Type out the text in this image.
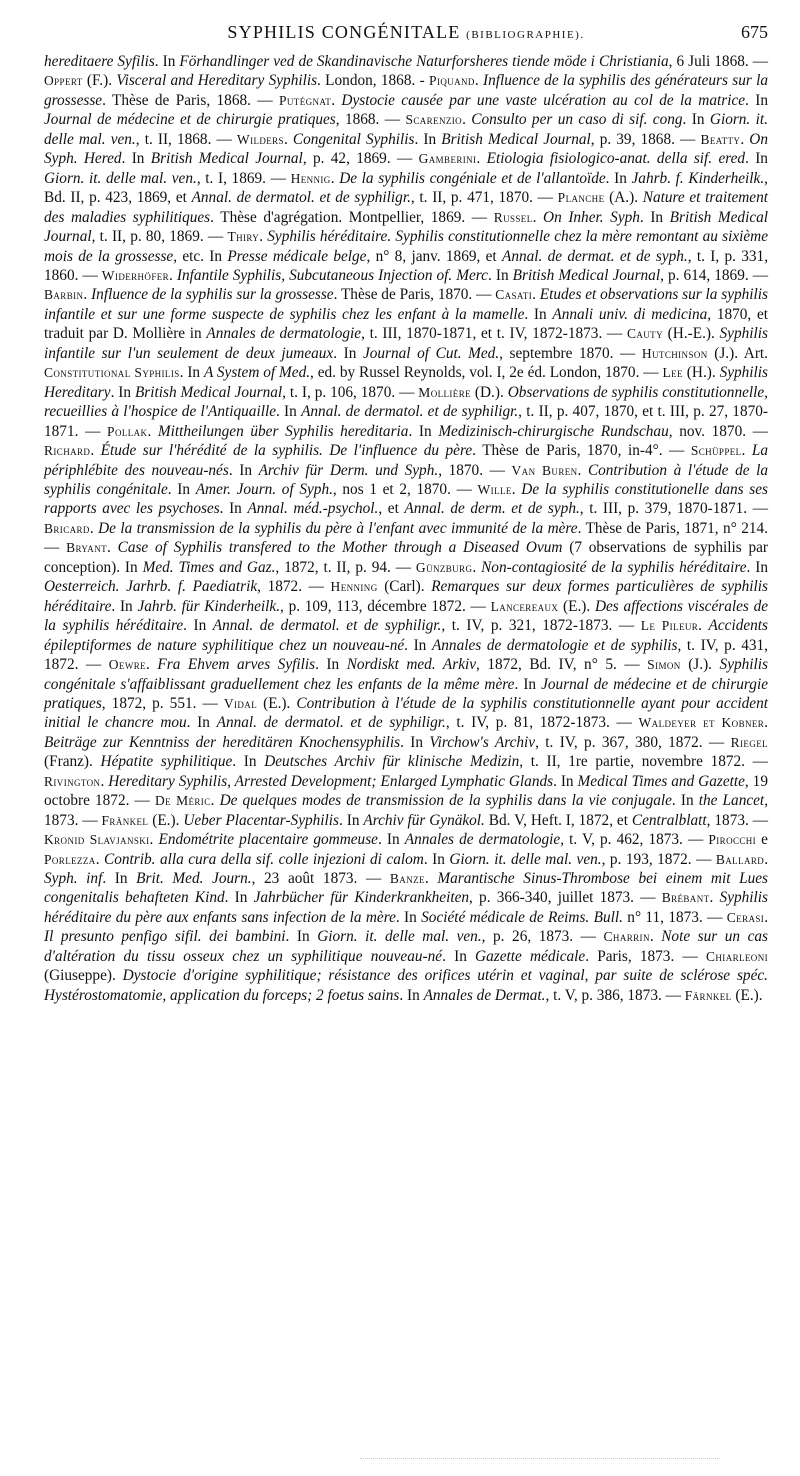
SYPHILIS CONGÉNITALE (BIBLIOGRAPHIE).	675

hereditaere Syfilis. In Förhandlinger ved de Skandinavische Naturforsheres tiende möde i Christiania, 6 Juli 1868. — Oppert (F.). Visceral and Hereditary Syphilis. London, 1868. - Piquand. Influence de la syphilis des générateurs sur la grossesse. Thèse de Paris, 1868. — Putégnat. Dystocie causée par une vaste ulcération au col de la matrice. In Journal de médecine et de chirurgie pratiques, 1868. — Scarenzio. Consulto per un caso di sif. cong. In Giorn. it. delle mal. ven., t. II, 1868. — Wilders. Congenital Syphilis. In British Medical Journal, p. 39, 1868. — Beatty. On Syph. Hered. In British Medical Journal, p. 42, 1869. — Gamberini. Etiologia fisiologico-anat. della sif. ered. In Giorn. it. delle mal. ven., t. I, 1869. — Hennig. De la syphilis congéniale et de l'allantoïde. In Jahrb. f. Kinderheilk., Bd. II, p. 423, 1869, et Annal. de dermatol. et de syphiligr., t. II, p. 471, 1870. — Planche (A.). Nature et traitement des maladies syphilitiques. Thèse d'agrégation. Montpellier, 1869. — Russel. On Inher. Syph. In British Medical Journal, t. II, p. 80, 1869. — Thiry. Syphilis héréditaire. Syphilis constitutionnelle chez la mère remontant au sixième mois de la grossesse, etc. In Presse médicale belge, n° 8, janv. 1869, et Annal. de dermat. et de syph., t. I, p. 331, 1860. — Widerhöfer. Infantile Syphilis, Subcutaneous Injection of. Merc. In British Medical Journal, p. 614, 1869. — Barbin. Influence de la syphilis sur la grossesse. Thèse de Paris, 1870. — Casati. Etudes et observations sur la syphilis infantile et sur une forme suspecte de syphilis chez les enfant à la mamelle. In Annali univ. di medicina, 1870, et traduit par D. Mollière in Annales de dermatologie, t. III, 1870-1871, et t. IV, 1872-1873. — Cauty (H.-E.). Syphilis infantile sur l'un seulement de deux jumeaux. In Journal of Cut. Med., septembre 1870. — Hutchinson (J.). Art. Constitutional Syphilis. In A System of Med., ed. by Russel Reynolds, vol. I, 2e éd. London, 1870. — Lee (H.). Syphilis Hereditary. In British Medical Journal, t. I, p. 106, 1870. — Mollière (D.). Observations de syphilis constitutionnelle, recueillies à l'hospice de l'Antiquaille. In Annal. de dermatol. et de syphiligr., t. II, p. 407, 1870, et t. III, p. 27, 1870-1871. — Pollak. Mittheilungen über Syphilis hereditaria. In Medizinisch-chirurgische Rundschau, nov. 1870. — Richard. Étude sur l'hérédité de la syphilis. De l'influence du père. Thèse de Paris, 1870, in-4°. — Schüppel. La périphlébite des nouveau-nés. In Archiv für Derm. und Syph., 1870. — Van Buren. Contribution à l'étude de la syphilis congénitale. In Amer. Journ. of Syph., nos 1 et 2, 1870. — Wille. De la syphilis constitutionelle dans ses rapports avec les psychoses. In Annal. méd.-psychol., et Annal. de derm. et de syph., t. III, p. 379, 1870-1871. — Bricard. De la transmission de la syphilis du père à l'enfant avec immunité de la mère. Thèse de Paris, 1871, n° 214. — Bryant. Case of Syphilis transfered to the Mother through a Diseased Ovum (7 observations de syphilis par conception). In Med. Times and Gaz., 1872, t. II, p. 94. — Günzburg. Non-contagiosité de la syphilis héréditaire. In Oesterreich. Jarhrb. f. Paediatrik, 1872. — Henning (Carl). Remarques sur deux formes particulières de syphilis héréditaire. In Jahrb. für Kinderheilk., p. 109, 113, décembre 1872. — Lancereaux (E.). Des affections viscérales de la syphilis héréditaire. In Annal. de dermatol. et de syphiligr., t. IV, p. 321, 1872-1873. — Le Pileur. Accidents épileptiformes de nature syphilitique chez un nouveau-né. In Annales de dermatologie et de syphilis, t. IV, p. 431, 1872. — Oewre. Fra Ehvem arves Syfilis. In Nordiskt med. Arkiv, 1872, Bd. IV, n° 5. — Simon (J.). Syphilis congénitale s'affaiblissant graduellement chez les enfants de la même mère. In Journal de médecine et de chirurgie pratiques, 1872, p. 551. — Vidal (E.). Contribution à l'étude de la syphilis constitutionnelle ayant pour accident initial le chancre mou. In Annal. de dermatol. et de syphiligr., t. IV, p. 81, 1872-1873. — Waldeyer et Kobner. Beiträge zur Kenntniss der hereditären Knochensyphilis. In Virchow's Archiv, t. IV, p. 367, 380, 1872. — Riegel (Franz). Hépatite syphilitique. In Deutsches Archiv für klinische Medizin, t. II, 1re partie, novembre 1872. — Rivington. Hereditary Syphilis, Arrested Development; Enlarged Lymphatic Glands. In Medical Times and Gazette, 19 octobre 1872. — De Méric. De quelques modes de transmission de la syphilis dans la vie conjugale. In the Lancet, 1873. — Fränkel (E.). Ueber Placentar-Syphilis. In Archiv für Gynäkol. Bd. V, Heft. I, 1872, et Centralblatt, 1873. — Kronid Slavjanski. Endométrite placentaire gommeuse. In Annales de dermatologie, t. V, p. 462, 1873. — Pirocchi e Porlezza. Contrib. alla cura della sif. colle injezioni di calom. In Giorn. it. delle mal. ven., p. 193, 1872. — Ballard. Syph. inf. In Brit. Med. Journ., 23 août 1873. — Banze. Marantische Sinus-Thrombose bei einem mit Lues congenitalis behafteten Kind. In Jahrbücher für Kinderkrankheiten, p. 366-340, juillet 1873. — Brébant. Syphilis héréditaire du père aux enfants sans infection de la mère. In Société médicale de Reims. Bull. n° 11, 1873. — Cerasi. Il presunto penfigo sifil. dei bambini. In Giorn. it. delle mal. ven., p. 26, 1873. — Charrin. Note sur un cas d'altération du tissu osseux chez un syphilitique nouveau-né. In Gazette médicale. Paris, 1873. — Chiarleoni (Giuseppe). Dystocie d'origine syphilitique; résistance des orifices utérin et vaginal, par suite de sclérose spéc. Hystérostomatomie, application du forceps; 2 foetus sains. In Annales de Dermat., t. V, p. 386, 1873. — Färnkel (E.).
